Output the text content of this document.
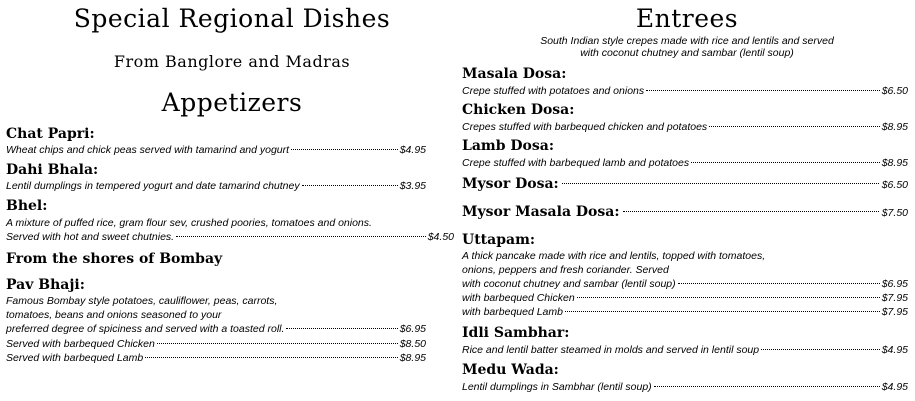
Special Regional Dishes
From Banglore and Madras
Appetizers
Chat Papri:
Wheat chips and chick peas served with tamarind and yogurt	$4.95
Dahi Bhala:
Lentil dumplings in tempered yogurt and date tamarind chutney	$3.95
Bhel:
A mixture of puffed rice, gram flour sev, crushed poories, tomatoes and onions.
Served with hot and sweet chutnies.	$4.50
From the shores of Bombay
Pav Bhaji:
Famous Bombay style potatoes, cauliflower, peas, carrots,
tomatoes, beans and onions seasoned to your
preferred degree of spiciness and served with a toasted roll.	$6.95
Served with barbequed Chicken	$8.50
Served with barbequed Lamb	$8.95
Entrees
South Indian style crepes made with rice and lentils and served
with coconut chutney and sambar (lentil soup)
Masala Dosa:
Crepe stuffed with potatoes and onions	$6.50
Chicken Dosa:
Crepes stuffed with barbequed chicken and potatoes	$8.95
Lamb Dosa:
Crepe stuffed with barbequed lamb and potatoes	$8.95
Mysor Dosa:	$6.50
Mysor Masala Dosa:	$7.50
Uttapam:
A thick pancake made with rice and lentils, topped with tomatoes,
onions, peppers and fresh coriander. Served
with coconut chutney and sambar (lentil soup)	$6.95
with barbequed Chicken	$7.95
with barbequed Lamb	$7.95
Idli Sambhar:
Rice and lentil batter steamed in molds and served in lentil soup	$4.95
Medu Wada:
Lentil dumplings in Sambhar (lentil soup)	$4.95
